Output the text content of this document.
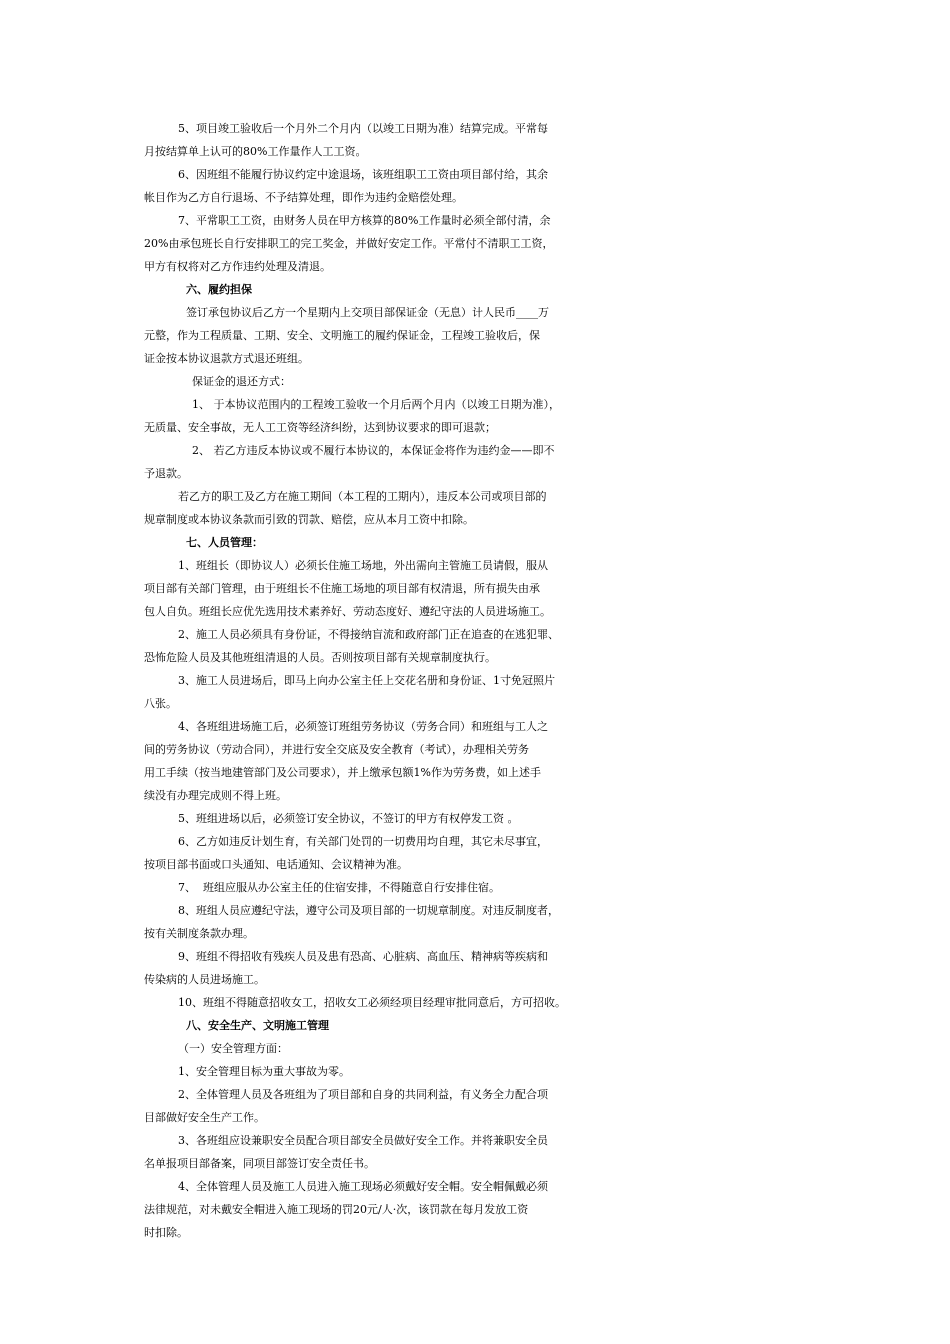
5、项目竣工验收后一个月外二个月内（以竣工日期为准）结算完成。平常每
月按结算单上认可的80%工作量作人工工资。
6、因班组不能履行协议约定中途退场，该班组职工工资由项目部付给，其余
帐目作为乙方自行退场、不予结算处理，即作为违约金赔偿处理。
7、平常职工工资，由财务人员在甲方核算的80%工作量时必须全部付清，余
20%由承包班长自行安排职工的完工奖金，并做好安定工作。平常付不清职工工资，
甲方有权将对乙方作违约处理及清退。
六、履约担保
签订承包协议后乙方一个星期内上交项目部保证金（无息）计人民币____万
元整，作为工程质量、工期、安全、文明施工的履约保证金，工程竣工验收后，保
证金按本协议退款方式退还班组。
保证金的退还方式：
1、 于本协议范围内的工程竣工验收一个月后两个月内（以竣工日期为准），
无质量、安全事故，无人工工资等经济纠纷，达到协议要求的即可退款；
2、 若乙方违反本协议或不履行本协议的，本保证金将作为违约金——即不
予退款。
若乙方的职工及乙方在施工期间（本工程的工期内），违反本公司或项目部的
规章制度或本协议条款而引致的罚款、赔偿，应从本月工资中扣除。
七、人员管理：
1、班组长（即协议人）必须长住施工场地，外出需向主管施工员请假，服从
项目部有关部门管理，由于班组长不住施工场地的项目部有权清退，所有损失由承
包人自负。班组长应优先选用技术素养好、劳动态度好、遵纪守法的人员进场施工。
2、施工人员必须具有身份证，不得接纳盲流和政府部门正在追查的在逃犯罪、
恐怖危险人员及其他班组清退的人员。否则按项目部有关规章制度执行。
3、施工人员进场后，即马上向办公室主任上交花名册和身份证、1寸免冠照片
八张。
4、各班组进场施工后，必须签订班组劳务协议（劳务合同）和班组与工人之
间的劳务协议（劳动合同），并进行安全交底及安全教育（考试），办理相关劳务
用工手续（按当地建管部门及公司要求），并上缴承包额1%作为劳务费，如上述手
续没有办理完成则不得上班。
5、班组进场以后，必须签订安全协议，不签订的甲方有权停发工资 。
6、乙方如违反计划生育，有关部门处罚的一切费用均自理，其它未尽事宜，
按项目部书面或口头通知、电话通知、会议精神为准。
7、  班组应服从办公室主任的住宿安排，不得随意自行安排住宿。
8、班组人员应遵纪守法，遵守公司及项目部的一切规章制度。对违反制度者，
按有关制度条款办理。
9、班组不得招收有残疾人员及患有恐高、心脏病、高血压、精神病等疾病和
传染病的人员进场施工。
10、班组不得随意招收女工，招收女工必须经项目经理审批同意后，方可招收。
八、安全生产、文明施工管理
（一）安全管理方面：
1、安全管理目标为重大事故为零。
2、全体管理人员及各班组为了项目部和自身的共同利益，有义务全力配合项
目部做好安全生产工作。
3、各班组应设兼职安全员配合项目部安全员做好安全工作。并将兼职安全员
名单报项目部备案，同项目部签订安全责任书。
4、全体管理人员及施工人员进入施工现场必须戴好安全帽。安全帽佩戴必须
法律规范，对未戴安全帽进入施工现场的罚20元/人·次，该罚款在每月发放工资
时扣除。
